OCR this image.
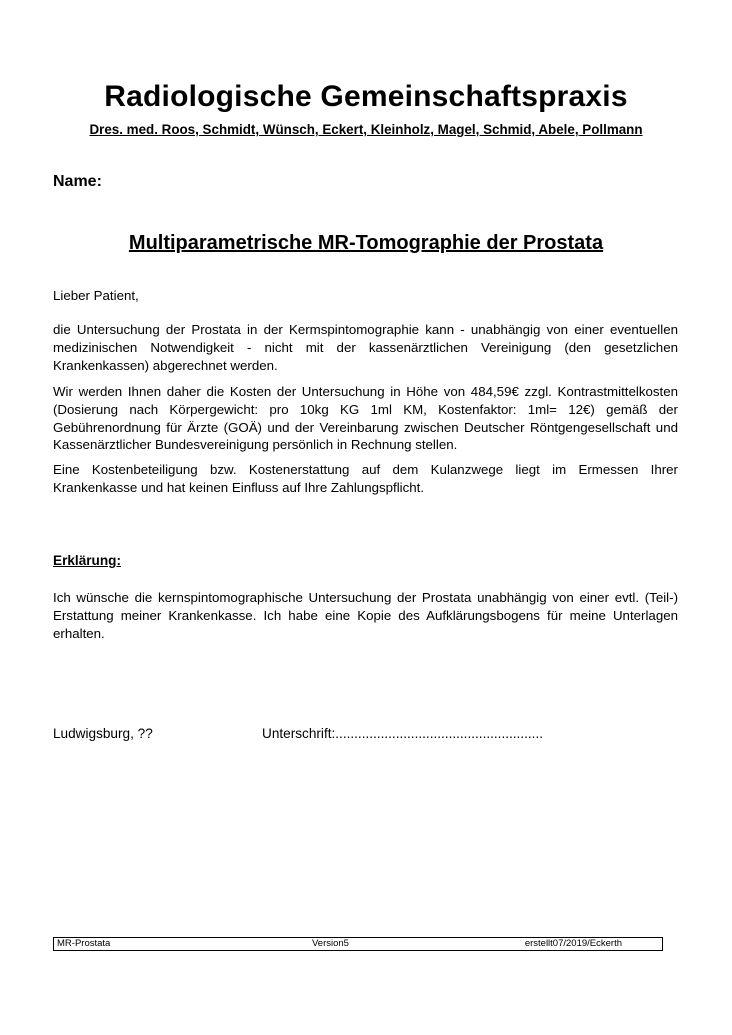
Radiologische Gemeinschaftspraxis
Dres. med. Roos, Schmidt, Wünsch, Eckert, Kleinholz, Magel, Schmid, Abele, Pollmann
Name:
Multiparametrische MR-Tomographie der Prostata
Lieber Patient,
die Untersuchung der Prostata in der Kermspintomographie kann - unabhängig von einer eventuellen medizinischen Notwendigkeit - nicht mit der kassenärztlichen Vereinigung (den gesetzlichen Krankenkassen) abgerechnet werden.
Wir werden Ihnen daher die Kosten der Untersuchung in Höhe von 484,59€ zzgl. Kontrastmittelkosten (Dosierung nach Körpergewicht: pro 10kg KG 1ml KM, Kostenfaktor: 1ml= 12€) gemäß der Gebührenordnung für Ärzte (GOÄ) und der Vereinbarung zwischen Deutscher Röntgengesellschaft und Kassenärztlicher Bundesvereinigung persönlich in Rechnung stellen.
Eine Kostenbeteiligung bzw. Kostenerstattung auf dem Kulanzwege liegt im Ermessen Ihrer Krankenkasse und hat keinen Einfluss auf Ihre Zahlungspflicht.
Erklärung:
Ich wünsche die kernspintomographische Untersuchung der Prostata unabhängig von einer evtl. (Teil-) Erstattung meiner Krankenkasse. Ich habe eine Kopie des Aufklärungsbogens für meine Unterlagen erhalten.
Ludwigsburg, ??	Unterschrift:.......................................................
MR-Prostata	Version5	erstellt07/2019/Eckerth
